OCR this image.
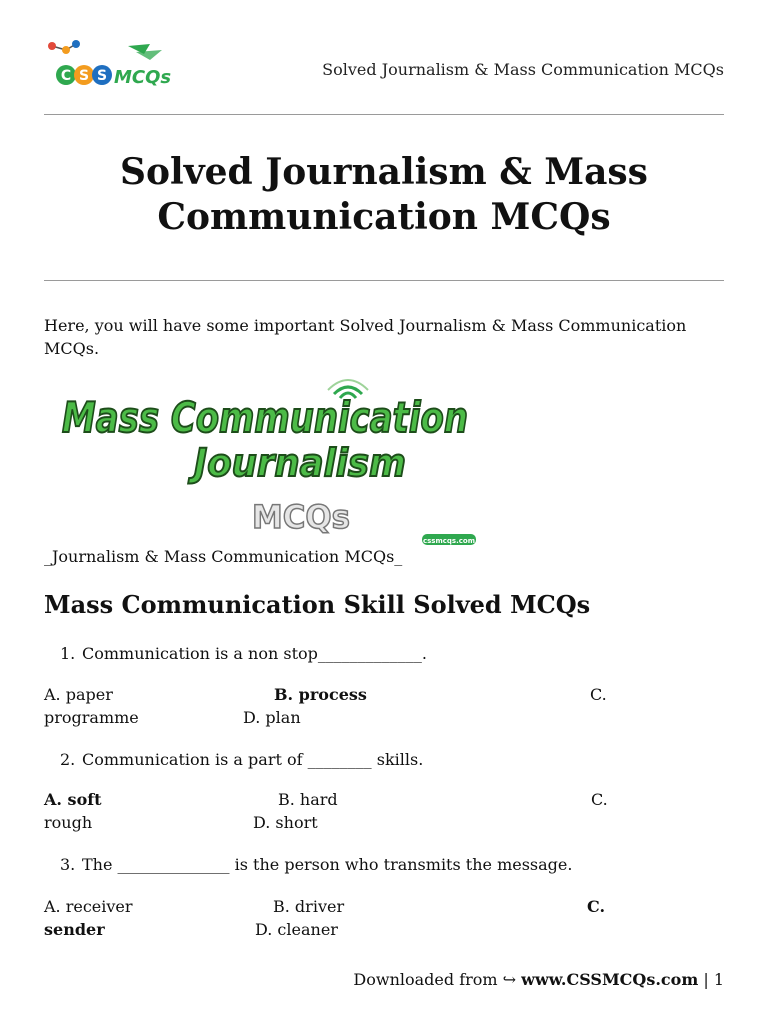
C S S MCQs	Solved Journalism & Mass Communication MCQs
Solved Journalism & Mass
Communication MCQs
Here, you will have some important Solved Journalism & Mass Communication MCQs.
Mass Communication
Journalism
MCQs
cssmcqs.com
_Journalism & Mass Communication MCQs_
Mass Communication Skill Solved MCQs
1. Communication is a non stop_____________.
A. paper	B. process	C.
programme	D. plan
2. Communication is a part of ________ skills.
A. soft	B. hard	C.
rough	D. short
3. The ______________ is the person who transmits the message.
A. receiver	B. driver	C.
sender	D. cleaner
Downloaded from ↪ www.CSSMCQs.com | 1
